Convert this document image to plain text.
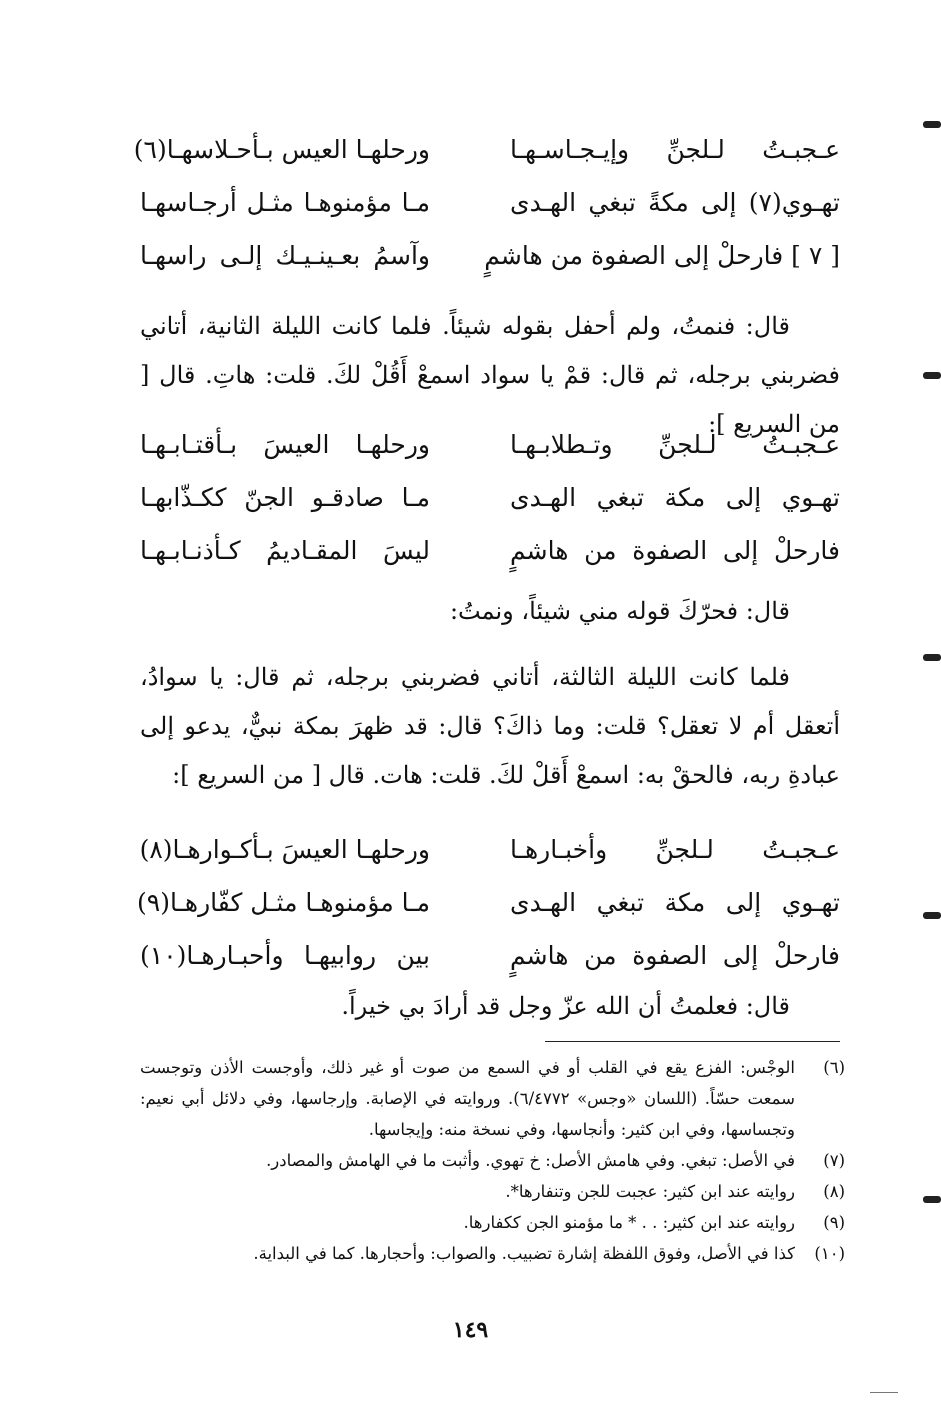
عـجبـتُ لـلجنِّ وإيـجـاسـهـا
ورحلهـا العيس بـأحـلاسهـا(٦)
تهـوي(٧) إلى مكةً تبغي الهـدى
مـا مؤمنوهـا مثـل أرجـاسهـا
[ ٧ ] فارحلْ إلى الصفوة من هاشمٍ
وآسمُ بعـينـيـك إلـى راسهـا

قال: فنمتُ، ولم أحفل بقوله شيئاً. فلما كانت الليلة الثانية، أتاني فضربني برجله، ثم قال: قمْ يا سواد اسمعْ أَقُلْ لكَ. قلت: هاتِ. قال [ من السريع ]:

عـجبـتُ لـلجنِّ وتـطلابـهـا
ورحلهـا العيسَ بـأقتـابـهـا
تهـوي إلى مكة تبغي الهـدى
مـا صادقـو الجنّ ككـذّابهـا
فارحلْ إلى الصفوة من هاشمٍ
ليسَ المقـاديمُ كـأذنـابـهـا

قال: فحرّكَ قوله مني شيئاً، ونمتُ:

فلما كانت الليلة الثالثة، أتاني فضربني برجله، ثم قال: يا سوادُ، أتعقل أم لا تعقل؟ قلت: وما ذاكَ؟ قال: قد ظهرَ بمكة نبيٌّ، يدعو إلى عبادةِ ربه، فالحقْ به: اسمعْ أَقلْ لكَ. قلت: هات. قال [ من السريع ]:

عـجبـتُ لـلجنِّ وأخبـارهـا
ورحلهـا العيسَ بـأكـوارهـا(٨)
تهـوي إلى مكة تبغي الهـدى
مـا مؤمنوهـا مثـل كفّارهـا(٩)
فارحلْ إلى الصفوة من هاشمٍ
بين روابيهـا وأحبـارهـا(١٠)

قال: فعلمتُ أن الله عزّ وجل قد أرادَ بي خيراً.

(٦)
الوجْس: الفزع يقع في القلب أو في السمع من صوت أو غير ذلك، وأوجست الأذن وتوجست سمعت حسّاً. (اللسان «وجس» ٦/٤٧٧٢). وروايته في الإصابة. وإرجاسها، وفي دلائل أبي نعيم: وتجساسها، وفي ابن كثير: وأنجاسها، وفي نسخة منه: وإيجاسها.
(٧)
في الأصل: تبغي. وفي هامش الأصل: خ تهوي. وأثبت ما في الهامش والمصادر.
(٨)
روايته عند ابن كثير: عجبت للجن وتنفارها*.
(٩)
روايته عند ابن كثير: . . * ما مؤمنو الجن ككفارها.
(١٠)
كذا في الأصل، وفوق اللفظة إشارة تضبيب. والصواب: وأحجارها. كما في البداية.
١٤٩
